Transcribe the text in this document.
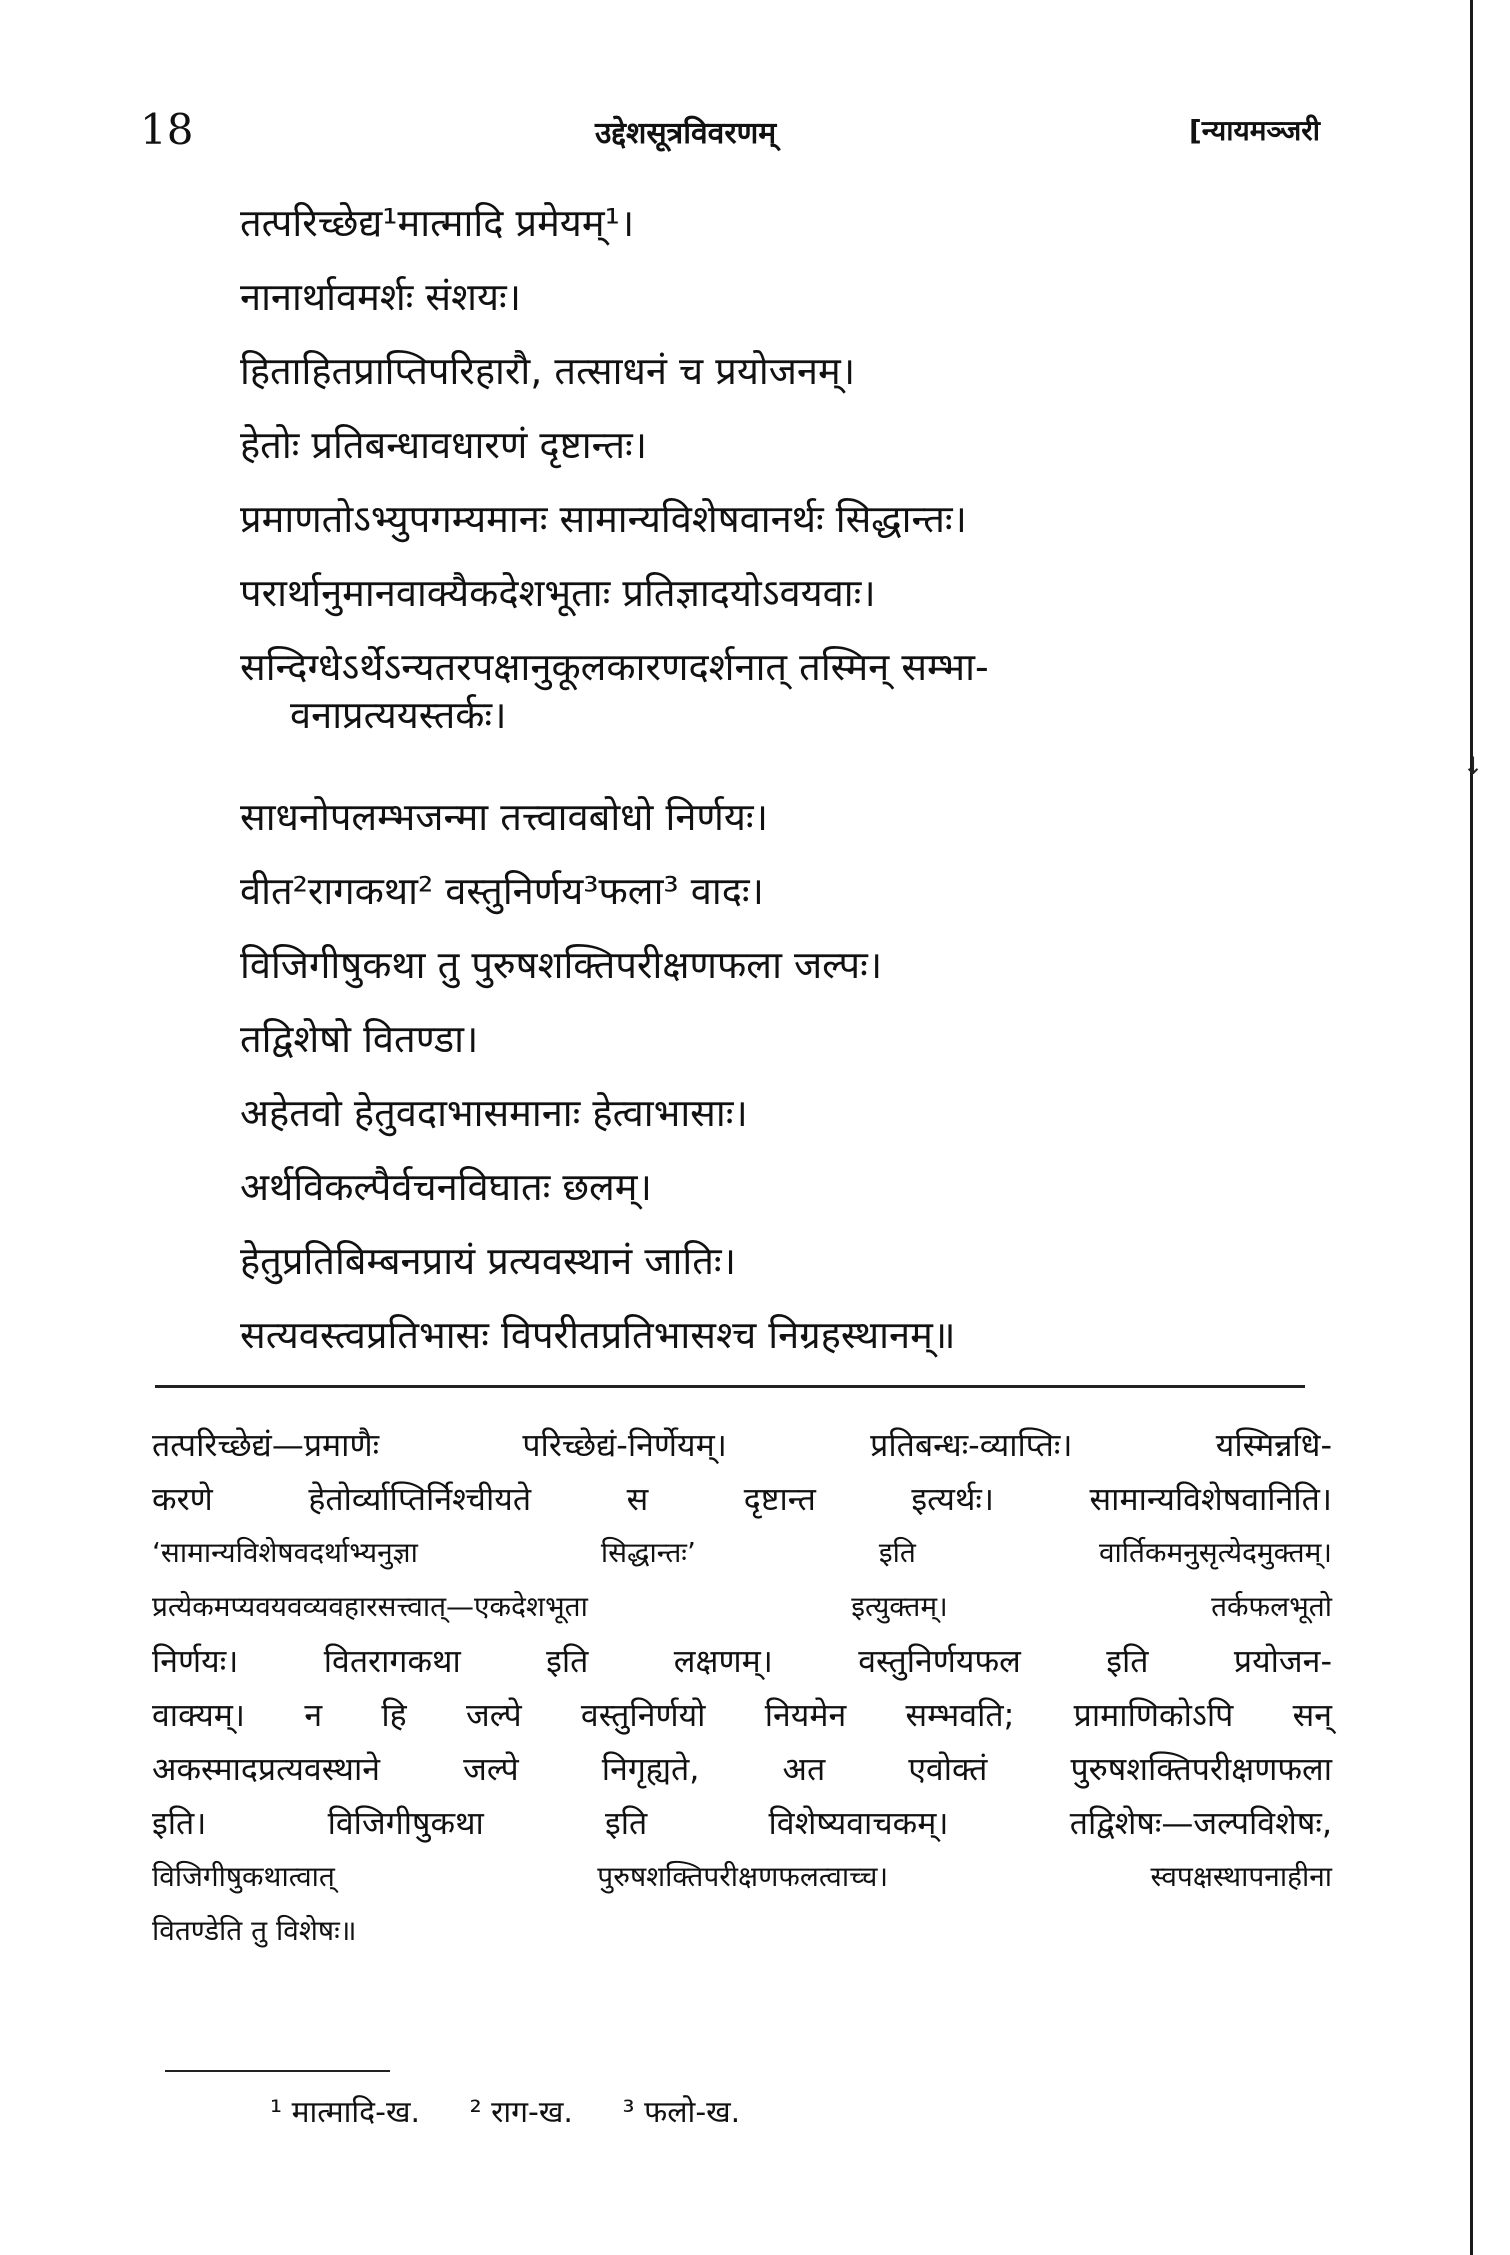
↓
18	उद्देशसूत्रविवरणम्	[न्यायमञ्जरी
तत्परिच्छेद्य¹मात्मादि प्रमेयम्¹।
नानार्थावमर्शः संशयः।
हिताहितप्राप्तिपरिहारौ, तत्साधनं च प्रयोजनम्।
हेतोः प्रतिबन्धावधारणं दृष्टान्तः।
प्रमाणतोऽभ्युपगम्यमानः सामान्यविशेषवानर्थः सिद्धान्तः।
परार्थानुमानवाक्यैकदेशभूताः प्रतिज्ञादयोऽवयवाः।
सन्दिग्धेऽर्थेऽन्यतरपक्षानुकूलकारणदर्शनात् तस्मिन् सम्भा-
वनाप्रत्ययस्तर्कः।
साधनोपलम्भजन्मा तत्त्वावबोधो निर्णयः।
वीत²रागकथा² वस्तुनिर्णय³फला³ वादः।
विजिगीषुकथा तु पुरुषशक्तिपरीक्षणफला जल्पः।
तद्विशेषो वितण्डा।
अहेतवो हेतुवदाभासमानाः हेत्वाभासाः।
अर्थविकल्पैर्वचनविघातः छलम्।
हेतुप्रतिबिम्बनप्रायं प्रत्यवस्थानं जातिः।
सत्यवस्त्वप्रतिभासः विपरीतप्रतिभासश्च निग्रहस्थानम्॥
तत्परिच्छेद्यं—प्रमाणैः परिच्छेद्यं-निर्णेयम्। प्रतिबन्धः-व्याप्तिः। यस्मिन्नधि-
करणे हेतोर्व्याप्तिर्निश्चीयते स दृष्टान्त इत्यर्थः। सामान्यविशेषवानिति।
‘सामान्यविशेषवदर्थाभ्यनुज्ञा सिद्धान्तः’ इति वार्तिकमनुसृत्येदमुक्तम्।
प्रत्येकमप्यवयवव्यवहारसत्त्वात्—एकदेशभूता इत्युक्तम्। तर्कफलभूतो
निर्णयः। वितरागकथा इति लक्षणम्। वस्तुनिर्णयफल इति प्रयोजन-
वाक्यम्। न हि जल्पे वस्तुनिर्णयो नियमेन सम्भवति; प्रामाणिकोऽपि सन्
अकस्मादप्रत्यवस्थाने जल्पे निगृह्यते, अत एवोक्तं पुरुषशक्तिपरीक्षणफला
इति। विजिगीषुकथा इति विशेष्यवाचकम्। तद्विशेषः—जल्पविशेषः,
विजिगीषुकथात्वात् पुरुषशक्तिपरीक्षणफलत्वाच्च। स्वपक्षस्थापनाहीना
वितण्डेति तु विशेषः॥
¹ मात्मादि-ख. ² राग-ख. ³ फलो-ख.
